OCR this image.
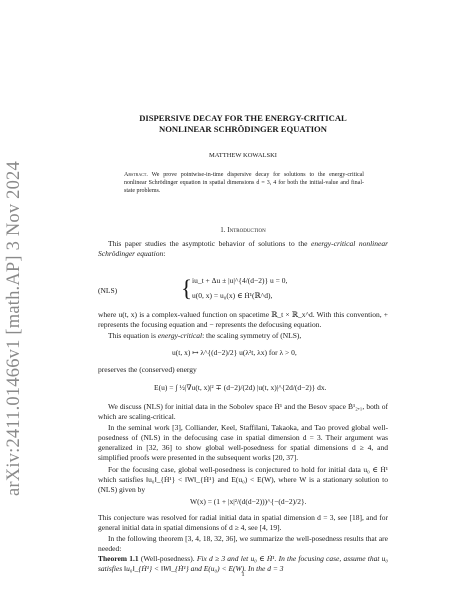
arXiv:2411.01466v1 [math.AP] 3 Nov 2024
DISPERSIVE DECAY FOR THE ENERGY-CRITICAL
NONLINEAR SCHRÖDINGER EQUATION
MATTHEW KOWALSKI
Abstract. We prove pointwise-in-time dispersive decay for solutions to the energy-critical nonlinear Schrödinger equation in spatial dimensions d = 3, 4 for both the initial-value and final-state problems.
1. Introduction
This paper studies the asymptotic behavior of solutions to the energy-critical nonlinear Schrödinger equation:
(NLS)	{ iu_t + Δu ± |u|^{4/(d−2)} u = 0,
u(0, x) = u₀(x) ∈ Ḣ¹(ℝ^d),
where u(t, x) is a complex-valued function on spacetime ℝ_t × ℝ_x^d. With this convention, + represents the focusing equation and − represents the defocusing equation.
This equation is energy-critical: the scaling symmetry of (NLS),
u(t, x) ↦ λ^{(d−2)/2} u(λ²t, λx) for λ > 0,
preserves the (conserved) energy
E(u) = ∫ ½|∇u(t, x)|² ∓ (d−2)/(2d) |u(t, x)|^{2d/(d−2)} dx.
We discuss (NLS) for initial data in the Sobolev space Ḣ¹ and the Besov space Ḃ¹₂,₁, both of which are scaling-critical.
In the seminal work [3], Colliander, Keel, Staffilani, Takaoka, and Tao proved global well-posedness of (NLS) in the defocusing case in spatial dimension d = 3. Their argument was generalized in [32, 36] to show global well-posedness for spatial dimensions d ≥ 4, and simplified proofs were presented in the subsequent works [20, 37].
For the focusing case, global well-posedness is conjectured to hold for initial data u₀ ∈ Ḣ¹ which satisfies ‖u₀‖_{Ḣ¹} < ‖W‖_{Ḣ¹} and E(u₀) < E(W), where W is a stationary solution to (NLS) given by
W(x) = (1 + |x|²/(d(d−2)))^{−(d−2)/2}.
This conjecture was resolved for radial initial data in spatial dimension d = 3, see [18], and for general initial data in spatial dimensions of d ≥ 4, see [4, 19].
In the following theorem [3, 4, 18, 32, 36], we summarize the well-posedness results that are needed:
Theorem 1.1 (Well-posedness). Fix d ≥ 3 and let u₀ ∈ Ḣ¹. In the focusing case, assume that u₀ satisfies ‖u₀‖_{Ḣ¹} < ‖W‖_{Ḣ¹} and E(u₀) < E(W). In the d = 3
1
